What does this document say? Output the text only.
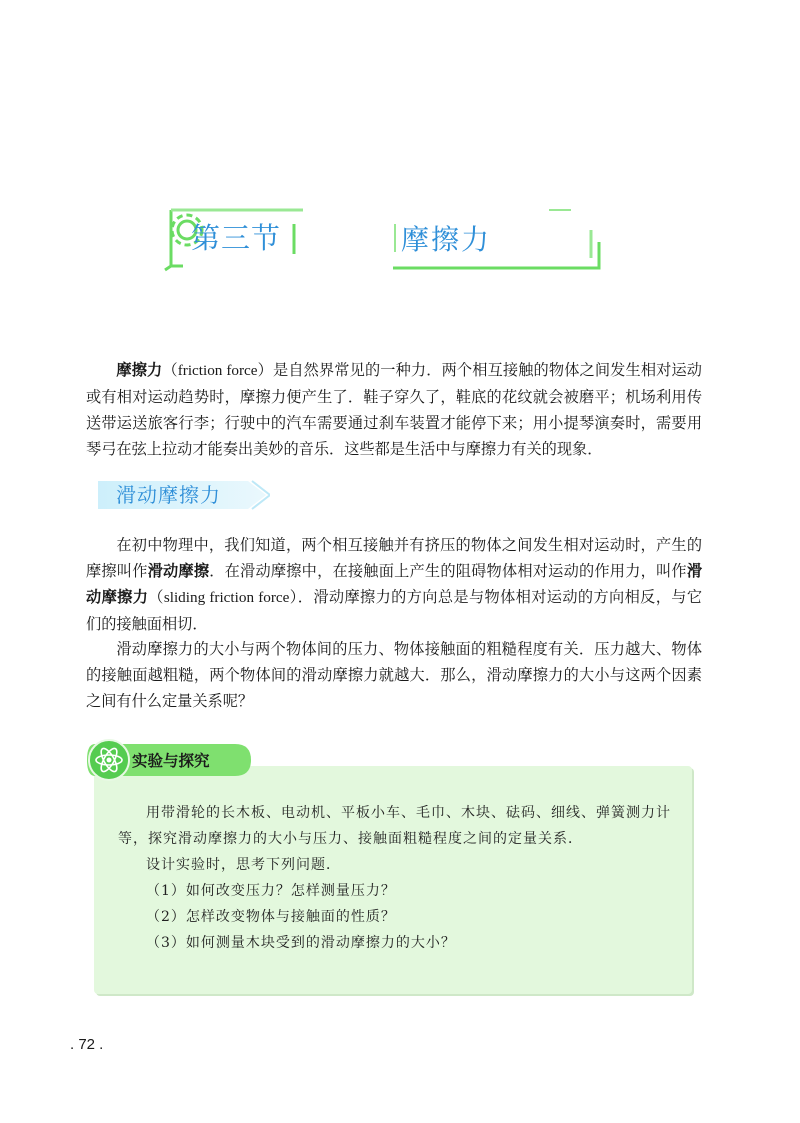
第三节	摩擦力

摩擦力（friction force）是自然界常见的一种力．两个相互接触的物体之间发生相对运动或有相对运动趋势时，摩擦力便产生了．鞋子穿久了，鞋底的花纹就会被磨平；机场利用传送带运送旅客行李；行驶中的汽车需要通过刹车装置才能停下来；用小提琴演奏时，需要用琴弓在弦上拉动才能奏出美妙的音乐．这些都是生活中与摩擦力有关的现象．

滑动摩擦力

在初中物理中，我们知道，两个相互接触并有挤压的物体之间发生相对运动时，产生的摩擦叫作滑动摩擦．在滑动摩擦中，在接触面上产生的阻碍物体相对运动的作用力，叫作滑动摩擦力（sliding friction force）．滑动摩擦力的方向总是与物体相对运动的方向相反，与它们的接触面相切．

滑动摩擦力的大小与两个物体间的压力、物体接触面的粗糙程度有关．压力越大、物体的接触面越粗糙，两个物体间的滑动摩擦力就越大．那么，滑动摩擦力的大小与这两个因素之间有什么定量关系呢？

实验与探究

用带滑轮的长木板、电动机、平板小车、毛巾、木块、砝码、细线、弹簧测力计等，探究滑动摩擦力的大小与压力、接触面粗糙程度之间的定量关系．

设计实验时，思考下列问题．

（1）如何改变压力？怎样测量压力？

（2）怎样改变物体与接触面的性质？

（3）如何测量木块受到的滑动摩擦力的大小？

. 72 .
